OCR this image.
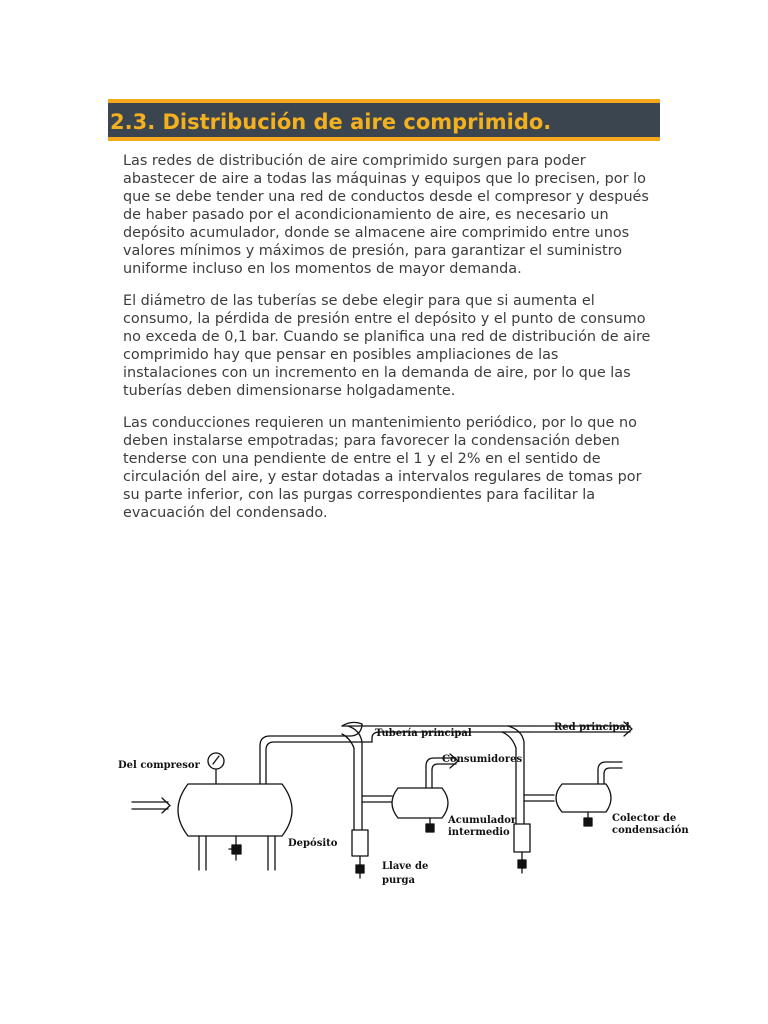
2.3. Distribución de aire comprimido.

Las redes de distribución de aire comprimido surgen para poder abastecer de aire a todas las máquinas y equipos que lo precisen, por lo que se debe tender una red de conductos desde el compresor y después de haber pasado por el acondicionamiento de aire, es necesario un depósito acumulador, donde se almacene aire comprimido entre unos valores mínimos y máximos de presión, para garantizar el suministro uniforme incluso en los momentos de mayor demanda.

El diámetro de las tuberías se debe elegir para que si aumenta el consumo, la pérdida de presión entre el depósito y el punto de consumo no exceda de 0,1 bar. Cuando se planifica una red de distribución de aire comprimido hay que pensar en posibles ampliaciones de las instalaciones con un incremento en la demanda de aire, por lo que las tuberías deben dimensionarse holgadamente.

Las conducciones requieren un mantenimiento periódico, por lo que no deben instalarse empotradas; para favorecer la condensación deben tenderse con una pendiente de entre el 1 y el 2% en el sentido de circulación del aire, y estar dotadas a intervalos regulares de tomas por su parte inferior, con las purgas correspondientes para facilitar la evacuación del condensado.

Del compresor
Tubería principal
Red principal
Consumidores
Depósito
Acumulador
intermedio
Llave de
purga
Colector de
condensación
